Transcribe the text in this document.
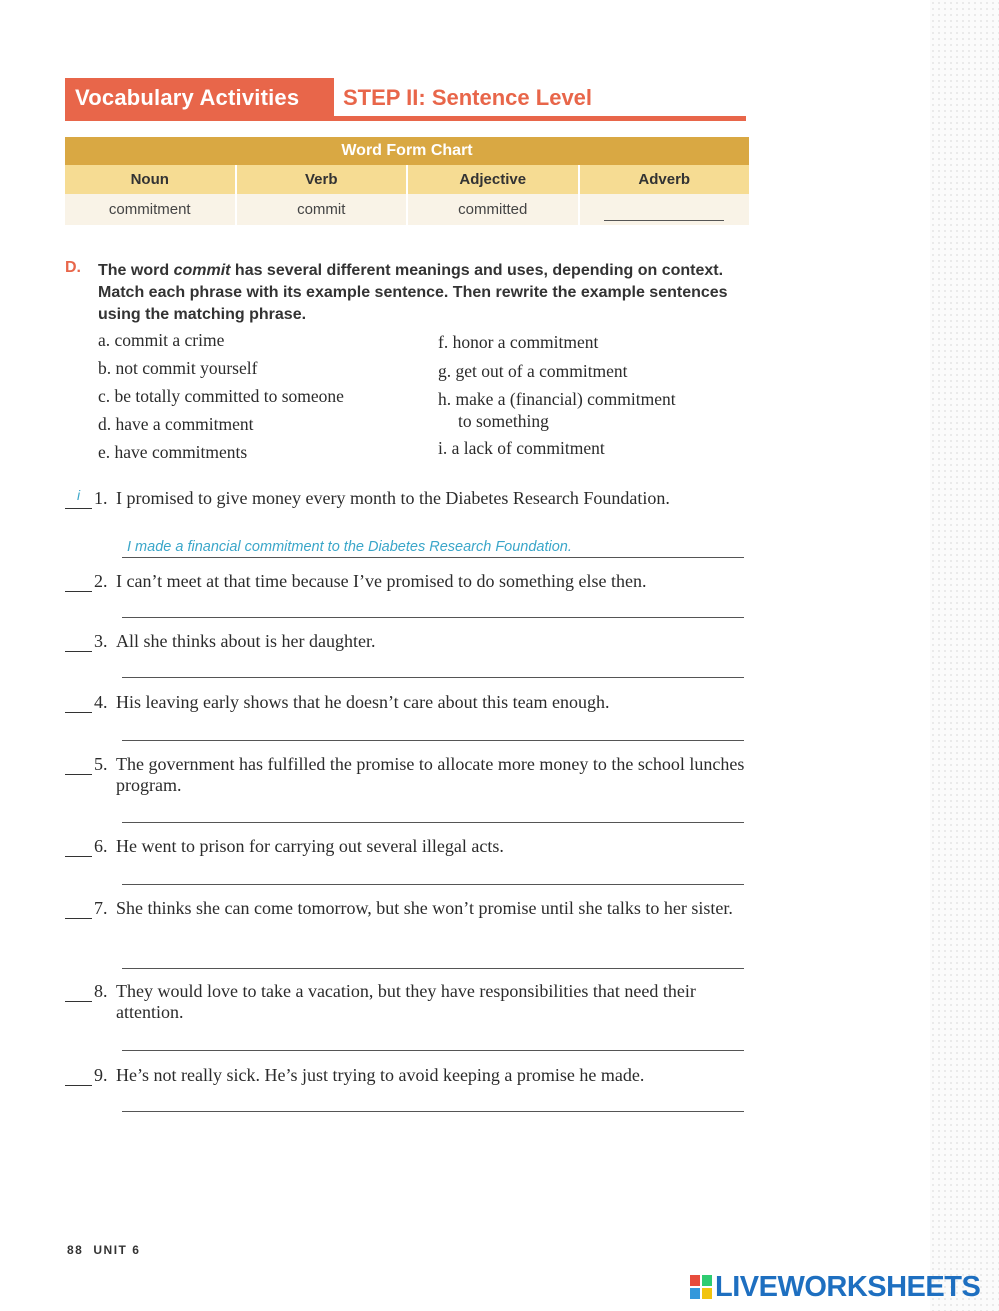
Vocabulary Activities	STEP II: Sentence Level
Word Form Chart
Noun	Verb	Adjective	Adverb
commitment	commit	committed
D. The word commit has several different meanings and uses, depending on context. Match each phrase with its example sentence. Then rewrite the example sentences using the matching phrase.
a. commit a crime
b. not commit yourself
c. be totally committed to someone
d. have a commitment
e. have commitments
f. honor a commitment
g. get out of a commitment
h. make a (financial) commitment
to something
i. a lack of commitment
i 1. I promised to give money every month to the Diabetes Research Foundation.
I made a financial commitment to the Diabetes Research Foundation.
2. I can’t meet at that time because I’ve promised to do something else then.
3. All she thinks about is her daughter.
4. His leaving early shows that he doesn’t care about this team enough.
5. The government has fulfilled the promise to allocate more money to the school lunches program.
6. He went to prison for carrying out several illegal acts.
7. She thinks she can come tomorrow, but she won’t promise until she talks to her sister.
8. They would love to take a vacation, but they have responsibilities that need their attention.
9. He’s not really sick. He’s just trying to avoid keeping a promise he made.
88 UNIT 6
LIVEWORKSHEETS
